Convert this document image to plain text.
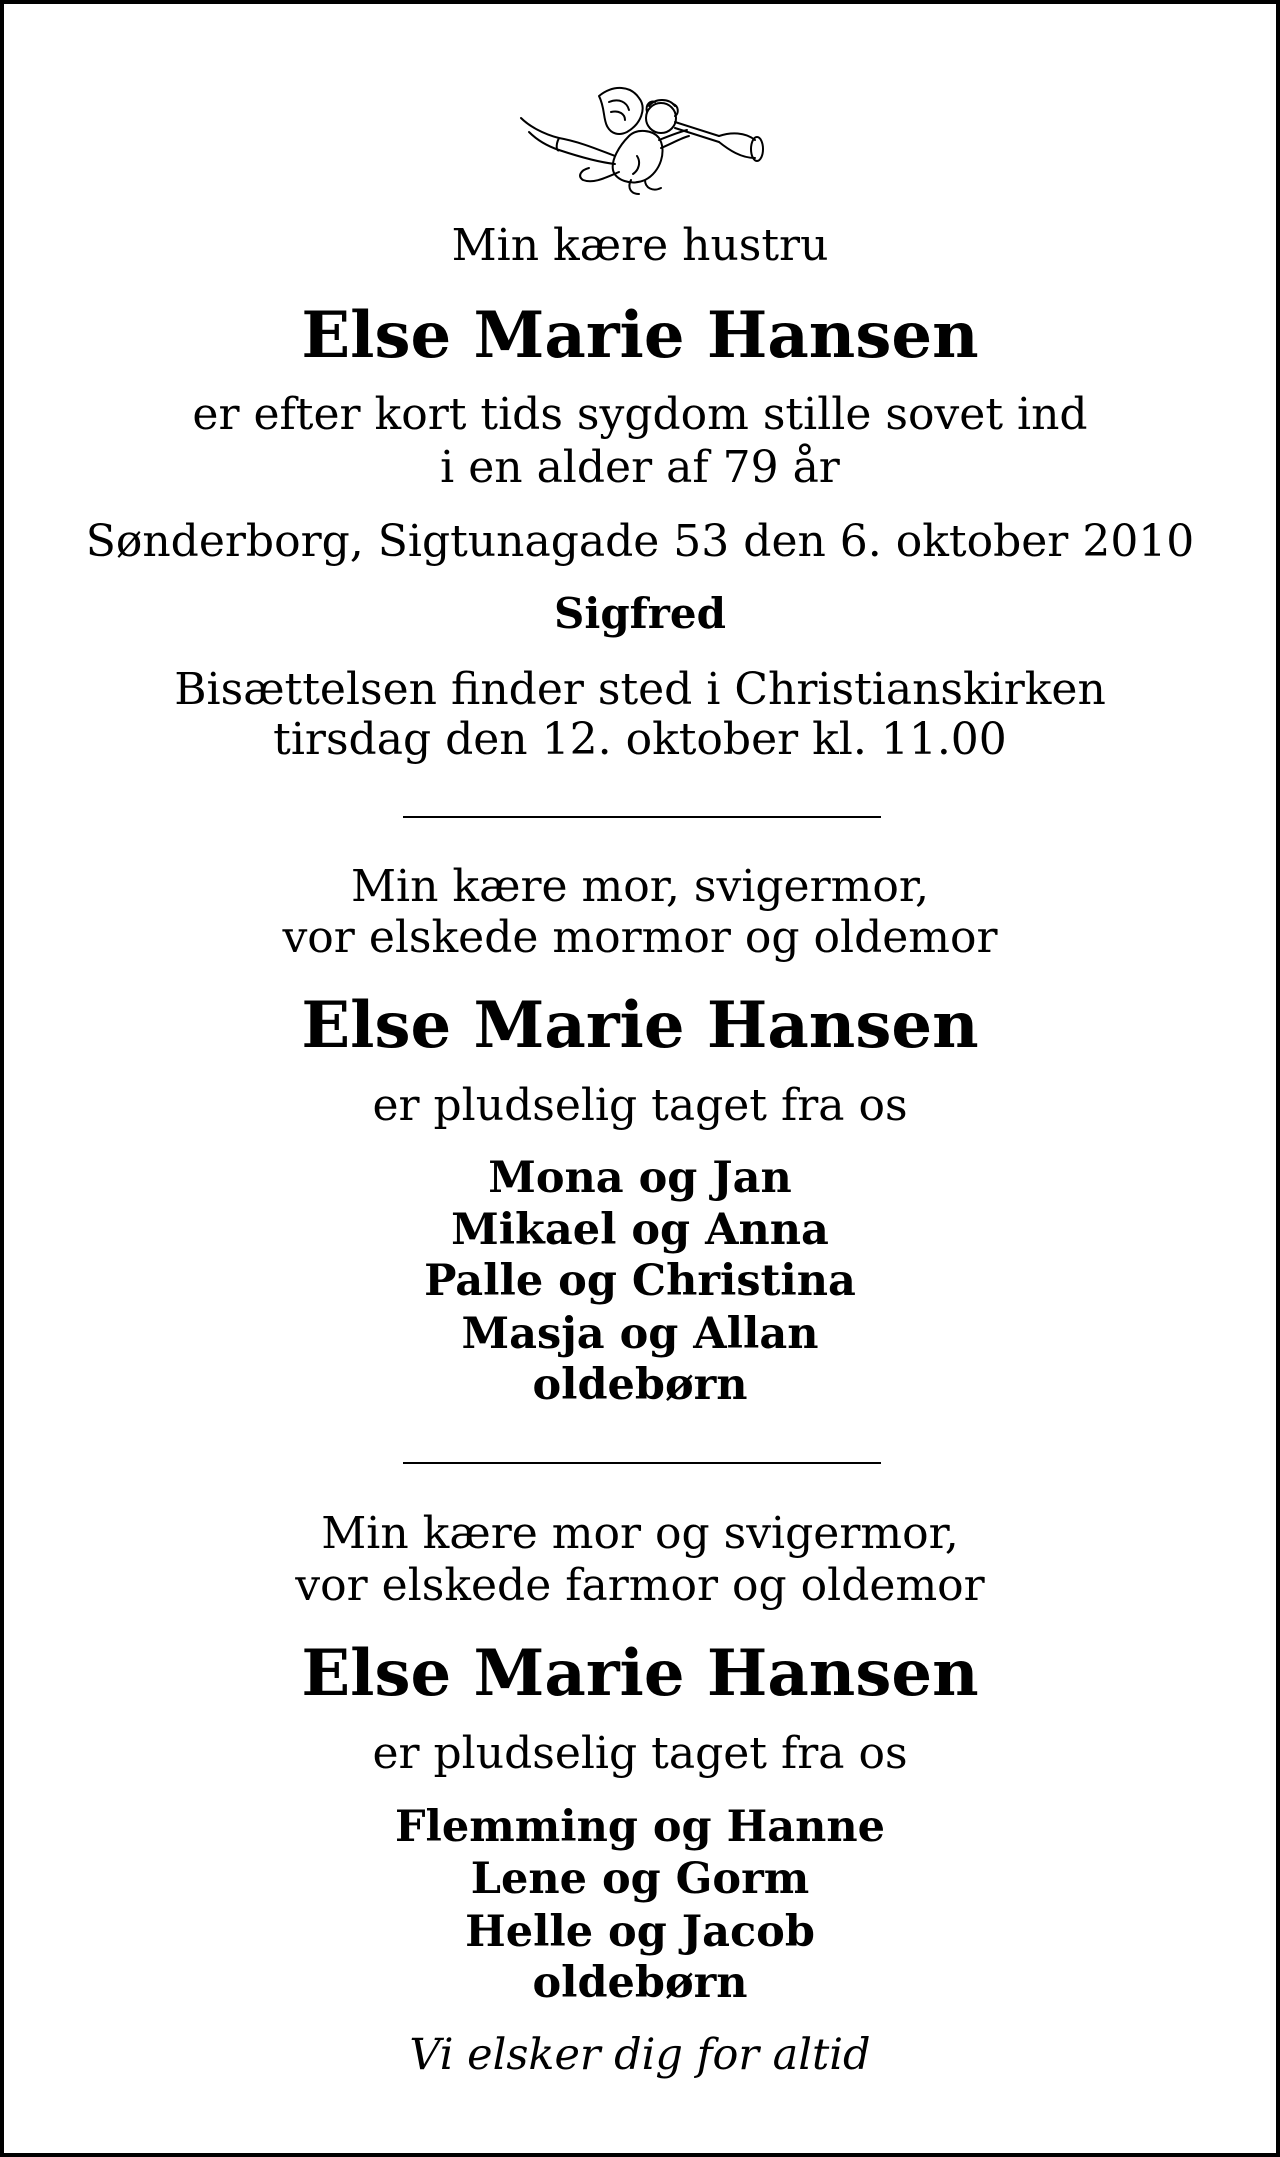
Min kære hustru
Else Marie Hansen
er efter kort tids sygdom stille sovet ind
i en alder af 79 år
Sønderborg, Sigtunagade 53 den 6. oktober 2010
Sigfred
Bisættelsen finder sted i Christianskirken
tirsdag den 12. oktober kl. 11.00
Min kære mor, svigermor,
vor elskede mormor og oldemor
Else Marie Hansen
er pludselig taget fra os
Mona og Jan
Mikael og Anna
Palle og Christina
Masja og Allan
oldebørn
Min kære mor og svigermor,
vor elskede farmor og oldemor
Else Marie Hansen
er pludselig taget fra os
Flemming og Hanne
Lene og Gorm
Helle og Jacob
oldebørn
Vi elsker dig for altid
